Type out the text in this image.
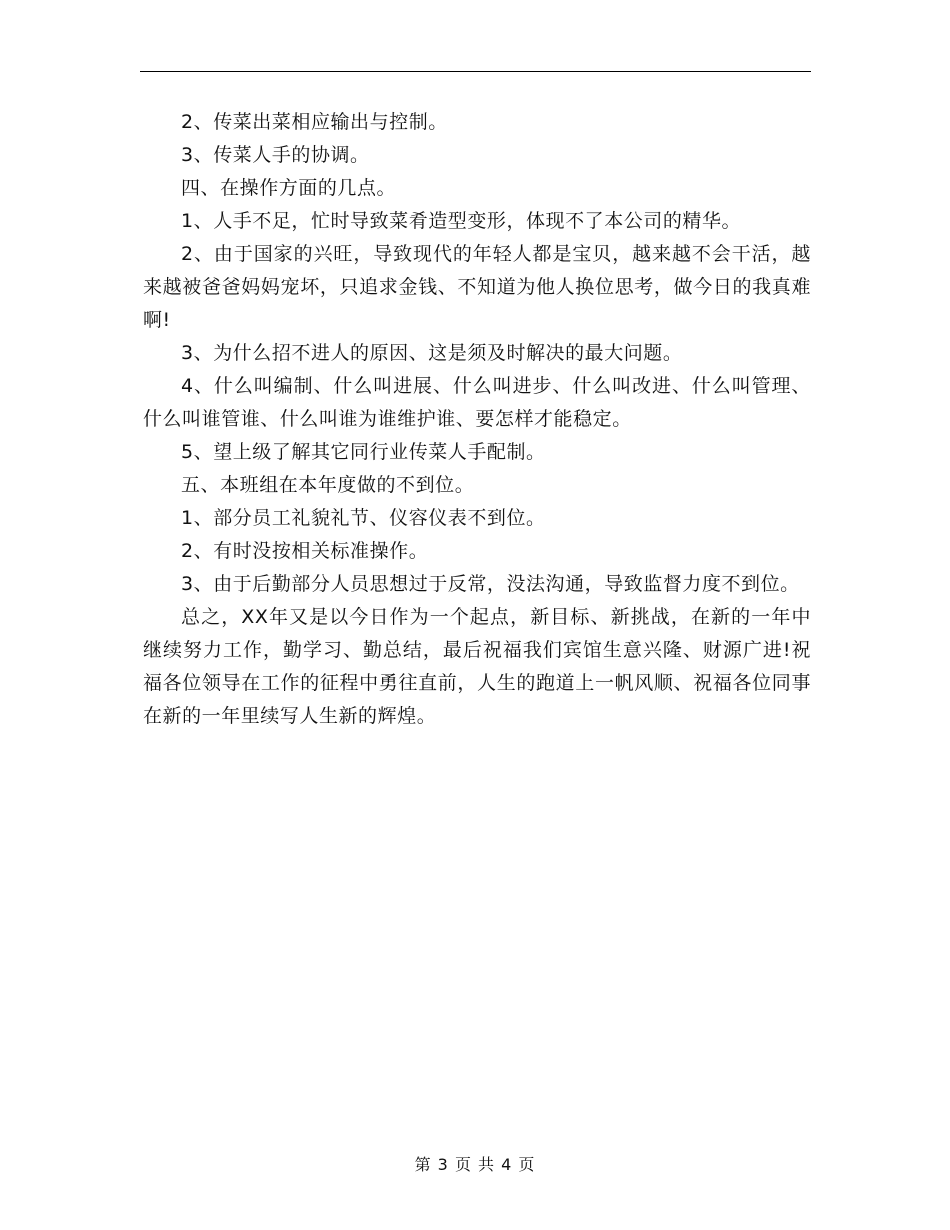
2、传菜出菜相应输出与控制。

3、传菜人手的协调。

四、在操作方面的几点。

1、人手不足，忙时导致菜肴造型变形，体现不了本公司的精华。

2、由于国家的兴旺，导致现代的年轻人都是宝贝，越来越不会干活，越来越被爸爸妈妈宠坏，只追求金钱、不知道为他人换位思考，做今日的我真难啊!

3、为什么招不进人的原因、这是须及时解决的最大问题。

4、什么叫编制、什么叫进展、什么叫进步、什么叫改进、什么叫管理、什么叫谁管谁、什么叫谁为谁维护谁、要怎样才能稳定。

5、望上级了解其它同行业传菜人手配制。

五、本班组在本年度做的不到位。

1、部分员工礼貌礼节、仪容仪表不到位。

2、有时没按相关标准操作。

3、由于后勤部分人员思想过于反常，没法沟通，导致监督力度不到位。

总之，XX年又是以今日作为一个起点，新目标、新挑战，在新的一年中继续努力工作，勤学习、勤总结，最后祝福我们宾馆生意兴隆、财源广进!祝福各位领导在工作的征程中勇往直前，人生的跑道上一帆风顺、祝福各位同事在新的一年里续写人生新的辉煌。

第 3 页 共 4 页
